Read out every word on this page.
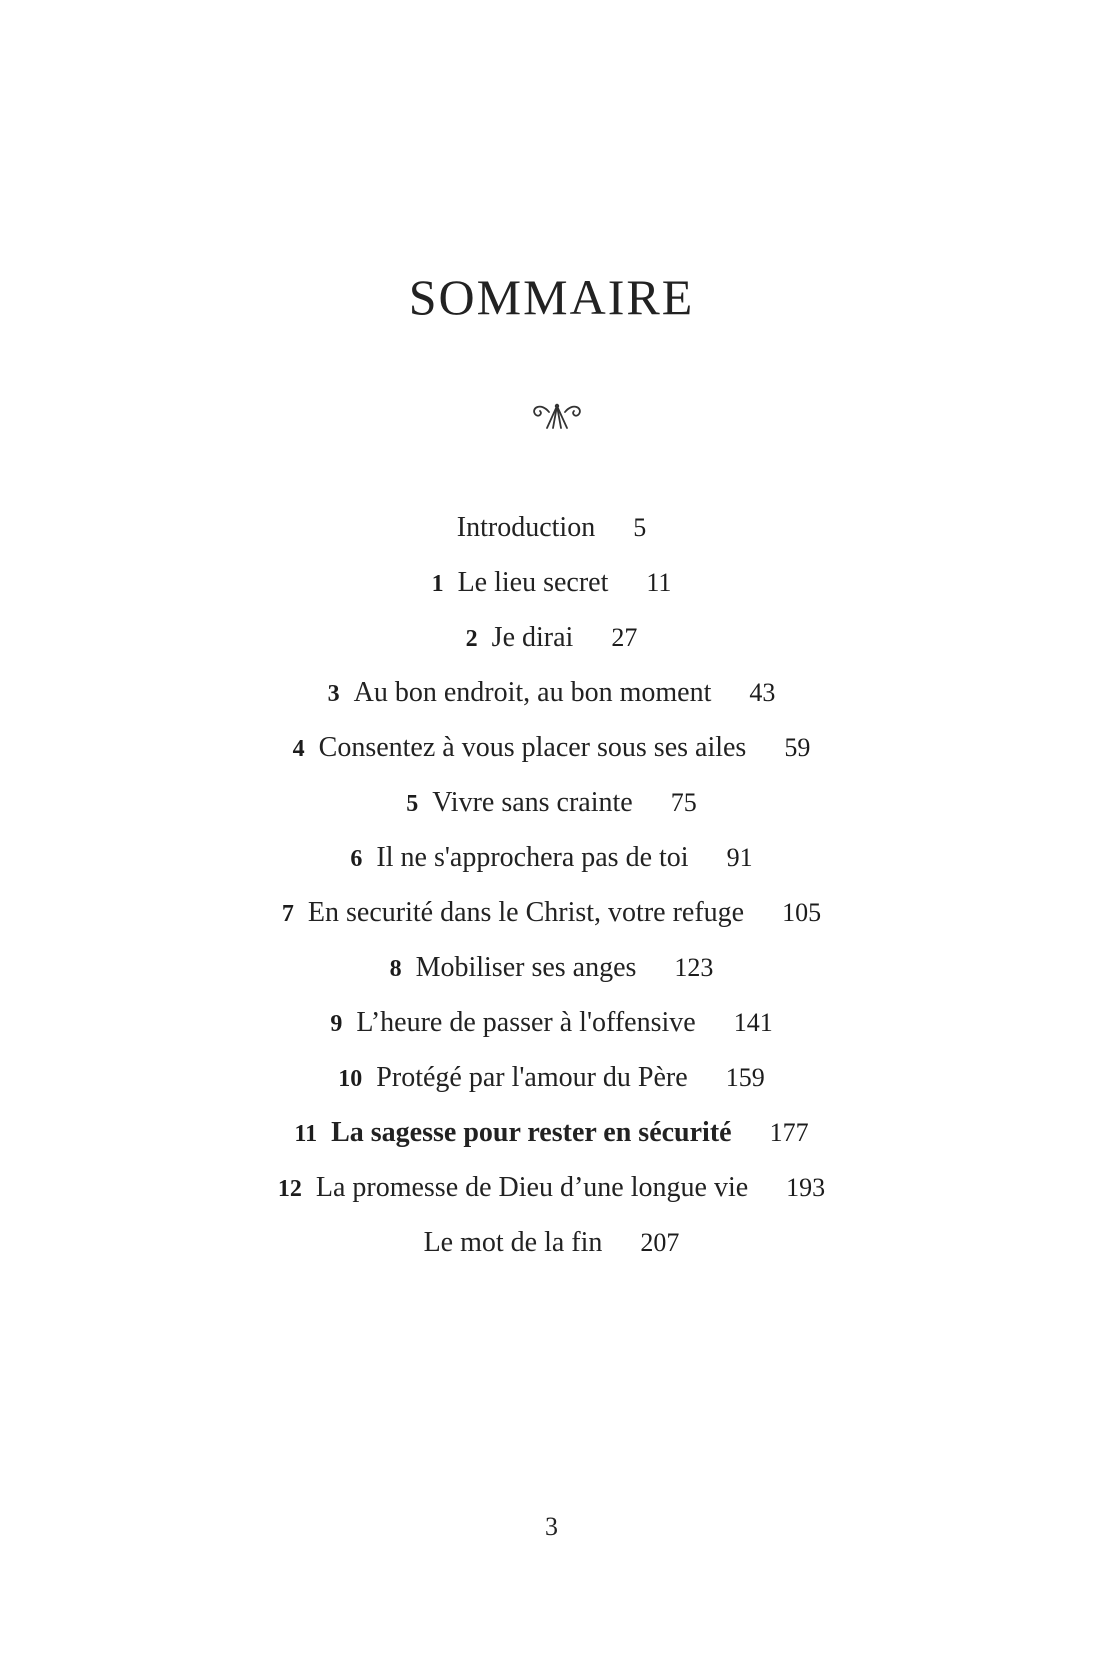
SOMMAIRE
Introduction 5
1 Le lieu secret 11
2 Je dirai 27
3 Au bon endroit, au bon moment 43
4 Consentez à vous placer sous ses ailes 59
5 Vivre sans crainte 75
6 Il ne s'approchera pas de toi 91
7 En securité dans le Christ, votre refuge 105
8 Mobiliser ses anges 123
9 L’heure de passer à l'offensive 141
10 Protégé par l'amour du Père 159
11 La sagesse pour rester en sécurité 177
12 La promesse de Dieu d’une longue vie 193
Le mot de la fin 207
3
